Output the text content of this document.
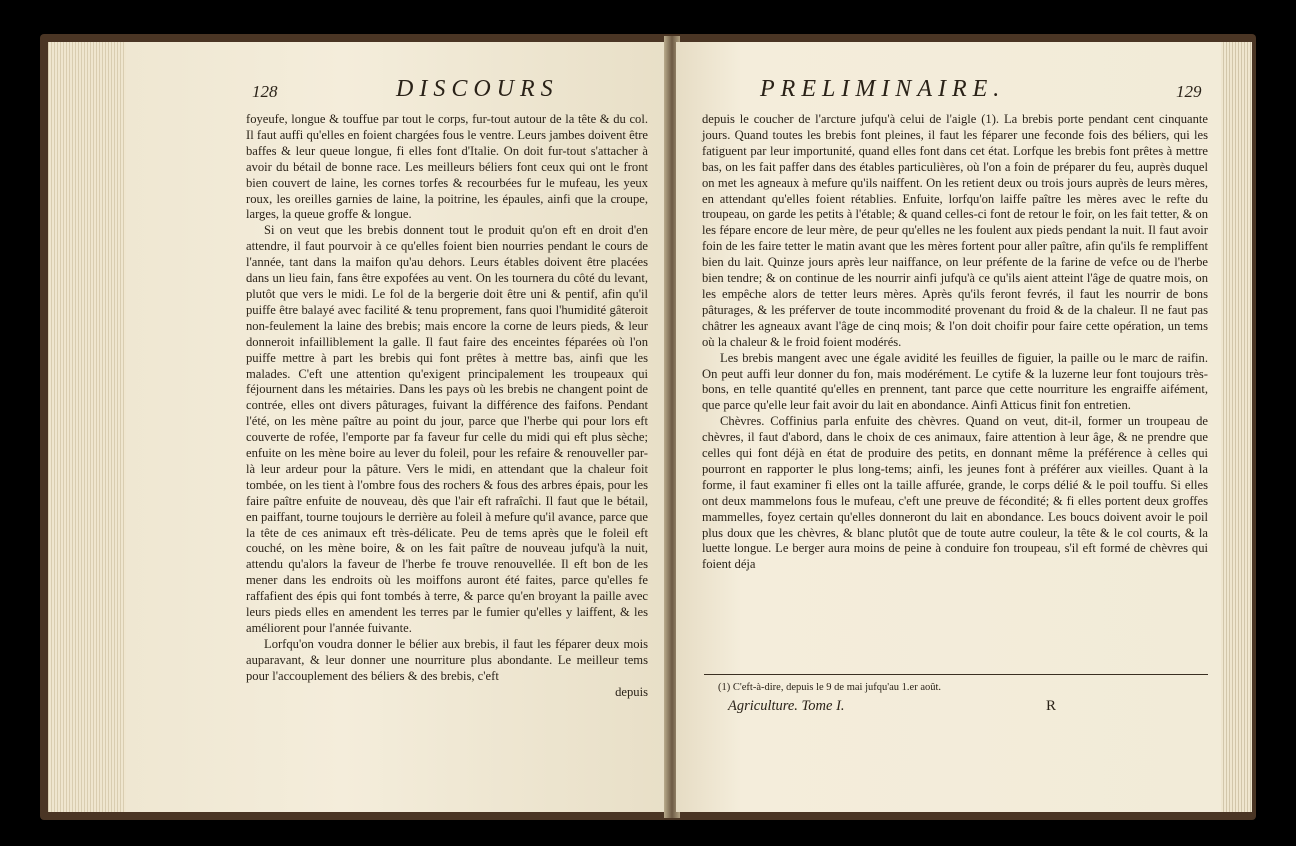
128	DISCOURS

foyeufe, longue & touffue par tout le corps, fur-tout autour de la tête & du col. Il faut auffi qu'elles en foient chargées fous le ventre. Leurs jambes doivent être baffes & leur queue longue, fi elles font d'Italie. On doit fur-tout s'attacher à avoir du bétail de bonne race. Les meilleurs béliers font ceux qui ont le front bien couvert de laine, les cornes torfes & recourbées fur le mufeau, les yeux roux, les oreilles garnies de laine, la poitrine, les épaules, ainfi que la croupe, larges, la queue groffe & longue.

Si on veut que les brebis donnent tout le produit qu'on eft en droit d'en attendre, il faut pourvoir à ce qu'elles foient bien nourries pendant le cours de l'année, tant dans la maifon qu'au dehors. Leurs étables doivent être placées dans un lieu fain, fans être expofées au vent. On les tournera du côté du levant, plutôt que vers le midi. Le fol de la bergerie doit être uni & pentif, afin qu'il puiffe être balayé avec facilité & tenu proprement, fans quoi l'humidité gâteroit non-feulement la laine des brebis; mais encore la corne de leurs pieds, & leur donneroit infailliblement la galle. Il faut faire des enceintes féparées où l'on puiffe mettre à part les brebis qui font prêtes à mettre bas, ainfi que les malades. C'eft une attention qu'exigent principalement les troupeaux qui féjournent dans les métairies. Dans les pays où les brebis ne changent point de contrée, elles ont divers pâturages, fuivant la différence des faifons. Pendant l'été, on les mène paître au point du jour, parce que l'herbe qui pour lors eft couverte de rofée, l'emporte par fa faveur fur celle du midi qui eft plus sèche; enfuite on les mène boire au lever du foleil, pour les refaire & renouveller par-là leur ardeur pour la pâture. Vers le midi, en attendant que la chaleur foit tombée, on les tient à l'ombre fous des rochers & fous des arbres épais, pour les faire paître enfuite de nouveau, dès que l'air eft rafraîchi. Il faut que le bétail, en paiffant, tourne toujours le derrière au foleil à mefure qu'il avance, parce que la tête de ces animaux eft très-délicate. Peu de tems après que le foleil eft couché, on les mène boire, & on les fait paître de nouveau jufqu'à la nuit, attendu qu'alors la faveur de l'herbe fe trouve renouvellée. Il eft bon de les mener dans les endroits où les moiffons auront été faites, parce qu'elles fe raffafient des épis qui font tombés à terre, & parce qu'en broyant la paille avec leurs pieds elles en amendent les terres par le fumier qu'elles y laiffent, & les améliorent pour l'année fuivante.

Lorfqu'on voudra donner le bélier aux brebis, il faut les féparer deux mois auparavant, & leur donner une nourriture plus abondante. Le meilleur tems pour l'accouplement des béliers & des brebis, c'eft

depuis

PRELIMINAIRE.	129

depuis le coucher de l'arcture jufqu'à celui de l'aigle (1). La brebis porte pendant cent cinquante jours. Quand toutes les brebis font pleines, il faut les féparer une feconde fois des béliers, qui les fatiguent par leur importunité, quand elles font dans cet état. Lorfque les brebis font prêtes à mettre bas, on les fait paffer dans des étables particulières, où l'on a foin de préparer du feu, auprès duquel on met les agneaux à mefure qu'ils naiffent. On les retient deux ou trois jours auprès de leurs mères, en attendant qu'elles foient rétablies. Enfuite, lorfqu'on laiffe paître les mères avec le refte du troupeau, on garde les petits à l'étable; & quand celles-ci font de retour le foir, on les fait tetter, & on les fépare encore de leur mère, de peur qu'elles ne les foulent aux pieds pendant la nuit. Il faut avoir foin de les faire tetter le matin avant que les mères fortent pour aller paître, afin qu'ils fe rempliffent bien du lait. Quinze jours après leur naiffance, on leur préfente de la farine de vefce ou de l'herbe bien tendre; & on continue de les nourrir ainfi jufqu'à ce qu'ils aient atteint l'âge de quatre mois, on les empêche alors de tetter leurs mères. Après qu'ils feront fevrés, il faut les nourrir de bons pâturages, & les préferver de toute incommodité provenant du froid & de la chaleur. Il ne faut pas châtrer les agneaux avant l'âge de cinq mois; & l'on doit choifir pour faire cette opération, un tems où la chaleur & le froid foient modérés.

Les brebis mangent avec une égale avidité les feuilles de figuier, la paille ou le marc de raifin. On peut auffi leur donner du fon, mais modérément. Le cytife & la luzerne leur font toujours très-bons, en telle quantité qu'elles en prennent, tant parce que cette nourriture les engraiffe aifément, que parce qu'elle leur fait avoir du lait en abondance. Ainfi Atticus finit fon entretien.

Chèvres. Coffinius parla enfuite des chèvres. Quand on veut, dit-il, former un troupeau de chèvres, il faut d'abord, dans le choix de ces animaux, faire attention à leur âge, & ne prendre que celles qui font déjà en état de produire des petits, en donnant même la préférence à celles qui pourront en rapporter le plus long-tems; ainfi, les jeunes font à préférer aux vieilles. Quant à la forme, il faut examiner fi elles ont la taille affurée, grande, le corps délié & le poil touffu. Si elles ont deux mammelons fous le mufeau, c'eft une preuve de fécondité; & fi elles portent deux groffes mammelles, foyez certain qu'elles donneront du lait en abondance. Les boucs doivent avoir le poil plus doux que les chèvres, & blanc plutôt que de toute autre couleur, la tête & le col courts, & la luette longue. Le berger aura moins de peine à conduire fon troupeau, s'il eft formé de chèvres qui foient déja

(1) C'eft-à-dire, depuis le 9 de mai jufqu'au 1.er août.
Agriculture. Tome I.	R
